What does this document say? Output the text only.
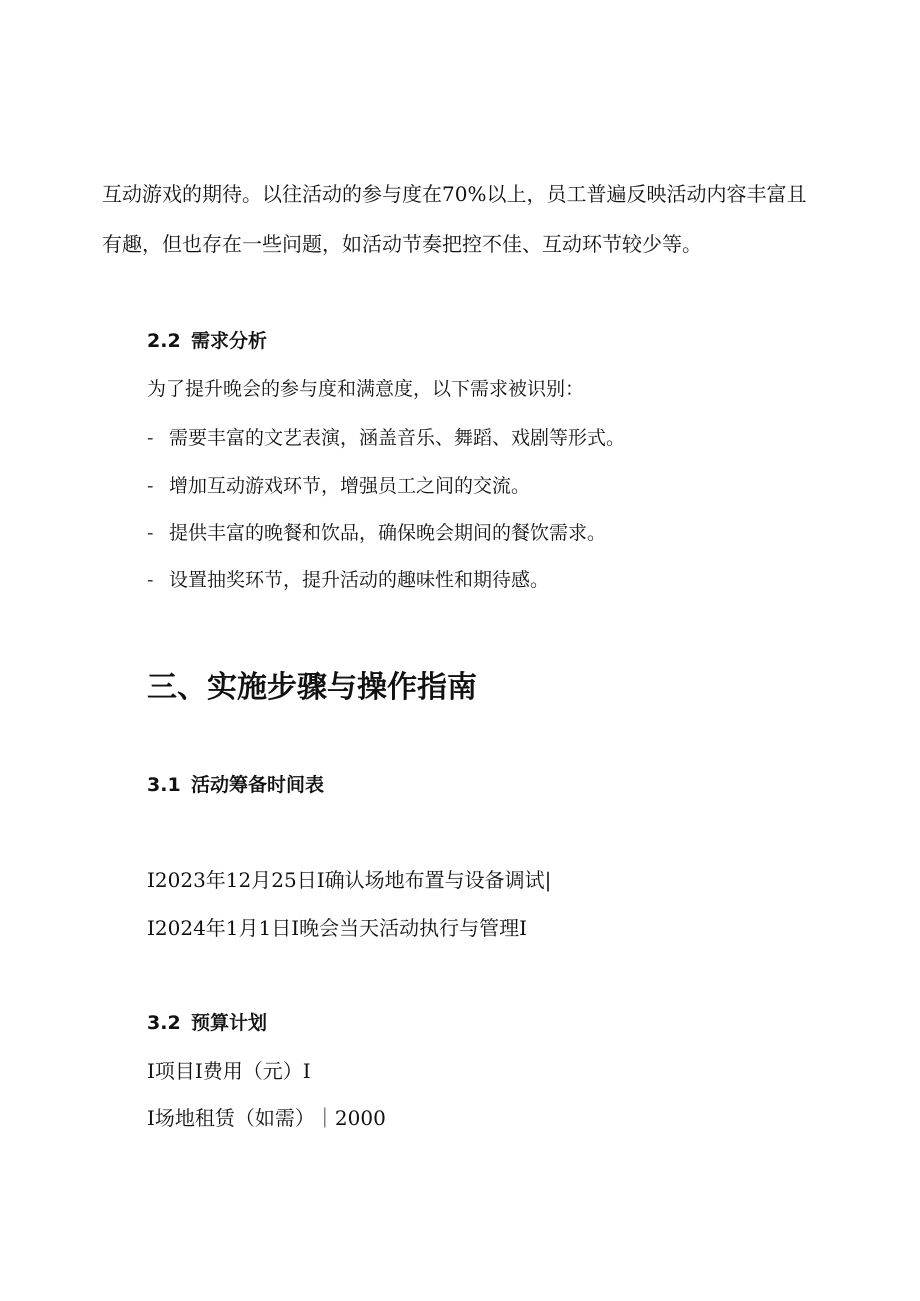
互动游戏的期待。以往活动的参与度在70%以上，员工普遍反映活动内容丰富且

有趣，但也存在一些问题，如活动节奏把控不佳、互动环节较少等。

2.2 需求分析

为了提升晚会的参与度和满意度，以下需求被识别：

- 需要丰富的文艺表演，涵盖音乐、舞蹈、戏剧等形式。

- 增加互动游戏环节，增强员工之间的交流。

- 提供丰富的晚餐和饮品，确保晚会期间的餐饮需求。

- 设置抽奖环节，提升活动的趣味性和期待感。

三、实施步骤与操作指南
3.1 活动筹备时间表

I2023年12月25日I确认场地布置与设备调试|

I2024年1月1日I晚会当天活动执行与管理I

3.2 预算计划

I项目I费用（元）I

I场地租赁（如需）｜2000
